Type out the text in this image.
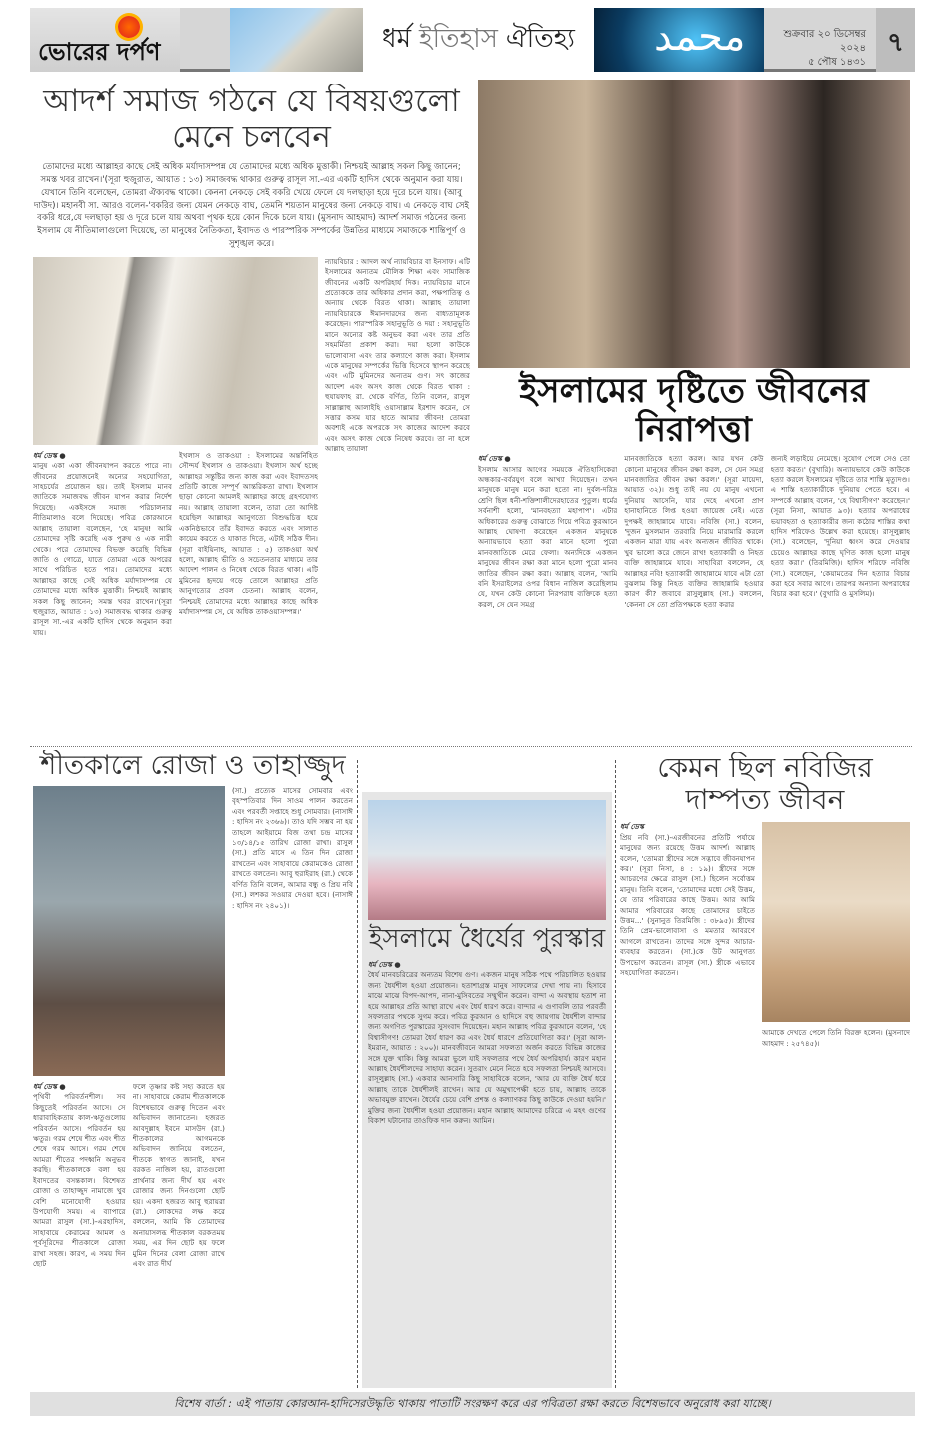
ভোরের দর্পণ	ধর্ম ইতিহাস ঐতিহ্য محمد	শুক্রবার ২০ ডিসেম্বর ২০২৪
৫ পৌষ ১৪৩১
৭
আদর্শ সমাজ গঠনে যে বিষয়গুলো মেনে চলবেন
তোমাদের মধ্যে আল্লাহর কাছে সেই অধিক মর্যাদাসম্পন্ন যে তোমাদের মধ্যে অধিক মুত্তাকী। নিশ্চয়ই আল্লাহ সকল কিছু জানেন; সমস্ত খবর রাখেন।'(সূরা হুজুরাত, আয়াত : ১৩) সমাজবদ্ধ থাকার গুরুত্ব রাসূল সা.-এর একটি হাদিস থেকে অনুমান করা যায়। যেখানে তিনি বলেছেন, তোমরা ঐক্যবদ্ধ থাকো। কেননা নেকড়ে সেই বকরি খেয়ে ফেলে যে দলছাড়া হয়ে দূরে চলে যায়। (আবু দাউদ)। মহানবী সা. আরও বলেন-'বকরির জন্য যেমন নেকড়ে বাঘ, তেমনি শয়তান মানুষের জন্য নেকড়ে বাঘ। এ নেকড়ে বাঘ সেই বকরি ধরে,যে দলছাড়া হয় ও দূরে চলে যায় অথবা পৃথক হয়ে কোন দিকে চলে যায়। (মুসনাদ আহমাদ) আদর্শ সমাজ গঠনের জন্য ইসলাম যে নীতিমালাগুলো দিয়েছে, তা মানুষের নৈতিকতা, ইবাদত ও পারস্পরিক সম্পর্কের উন্নতির মাধ্যমে সমাজকে শান্তিপূর্ণ ও সুশৃঙ্খল করে।
ধর্ম ডেস্ক ●
মানুষ একা একা জীবনযাপন করতে পারে না। জীবনের প্রয়োজনেই অন্যের সহযোগিতা, সাহচর্যের প্রয়োজন হয়। তাই ইসলাম মানব জাতিকে সমাজবদ্ধ জীবন যাপন করার নির্দেশ দিয়েছে। একইসঙ্গে সমাজ পরিচালনার নীতিমালাও বলে দিয়েছে। পবিত্র কোরআনে আল্লাহ তায়ালা বলেছেন, 'হে মানুষ! আমি তোমাদের সৃষ্টি করেছি এক পুরুষ ও এক নারী থেকে। পরে তোমাদের বিভক্ত করেছি বিভিন্ন জাতি ও গোত্রে, যাতে তোমরা একে অপরের সাথে পরিচিত হতে পার। তোমাদের মধ্যে আল্লাহর কাছে সেই অধিক মর্যাদাসম্পন্ন যে তোমাদের মধ্যে অধিক মুত্তাকী। নিশ্চয়ই আল্লাহ সকল কিছু জানেন; সমস্ত খবর রাখেন।'(সূরা হুজুরাত, আয়াত : ১৩) সমাজবদ্ধ থাকার গুরুত্ব রাসূল সা.-এর একটি হাদিস থেকে অনুমান করা যায়।
ইখলাস ও তাকওয়া : ইসলামের অন্তর্নিহিত সৌন্দর্য ইখলাস ও তাকওয়া। ইখলাস অর্থ হচ্ছে আল্লাহর সন্তুষ্টির জন্য কাজ করা এবং ইবাদতসহ প্রতিটি কাজে সম্পূর্ণ আন্তরিকতা রাখা। ইখলাস ছাড়া কোনো আমলই আল্লাহর কাছে গ্রহণযোগ্য নয়। আল্লাহ তায়ালা বলেন, তারা তো আদিষ্ট হয়েছিল আল্লাহর আনুগত্যে বিশুদ্ধচিত্ত হয়ে একনিষ্ঠভাবে তাঁর ইবাদত করতে এবং সালাত কায়েম করতে ও যাকাত দিতে, এটাই সঠিক দীন। (সূরা বাইয়িনাহ, আয়াত : ৫) তাকওয়া অর্থ হলো, আল্লাহ ভীতি ও সচেতনতার মাধ্যমে তার আদেশ পালন ও নিষেধ থেকে বিরত থাকা। এটি মুমিনের হৃদয়ে গড়ে তোলে আল্লাহর প্রতি আনুগত্যের প্রবল চেতনা। আল্লাহ বলেন, 'নিশ্চয়ই তোমাদের মধ্যে আল্লাহর কাছে অধিক মর্যাদাসম্পন্ন সে, যে অধিক তাকওয়াসম্পন্ন।'
ন্যায়বিচার : আদল অর্থ ন্যায়বিচার বা ইনসাফ। এটি ইসলামের অন্যতম মৌলিক শিক্ষা এবং সামাজিক জীবনের একটি অপরিহার্য দিক। ন্যায়বিচার মানে প্রত্যেককে তার অধিকার প্রদান করা, পক্ষপাতিত্ব ও অন্যায় থেকে বিরত থাকা। আল্লাহ তায়ালা ন্যায়বিচারকে ঈমানদারদের জন্য বাধ্যতামূলক করেছেন। পারস্পরিক সহানুভূতি ও দয়া : সহানুভূতি মানে অন্যের কষ্ট অনুভব করা এবং তার প্রতি সহমর্মিতা প্রকাশ করা। দয়া হলো কাউকে ভালোবাসা এবং তার কল্যাণে কাজ করা। ইসলাম একে মানুষের সম্পর্কের ভিত্তি হিসেবে স্থাপন করেছে এবং এটি মুমিনদের অন্যতম গুণ। সৎ কাজের আদেশ এবং অসৎ কাজ থেকে বিরত থাকা : হুযায়ফাহ রা. থেকে বর্ণিত, তিনি বলেন, রাসুল সাল্লাল্লাহু আলাইহি ওয়াসাল্লাম ইরশাদ করেন, সে সত্তার কসম যার হাতে আমার জীবন! তোমরা অবশ্যই একে অপরকে সৎ কাজের আদেশ করবে এবং অসৎ কাজ থেকে নিষেধ করবে। তা না হলে আল্লাহ তায়ালা
ইসলামের দৃষ্টিতে জীবনের নিরাপত্তা
ধর্ম ডেস্ক ●
ইসলাম আসার আগের সময়কে ঐতিহাসিকেরা অন্ধকার-বর্বরযুগ বলে আখ্যা দিয়েছেন। তখন মানুষকে মানুষ মনে করা হতো না। দুর্বল-দরিদ্র শ্রেণি ছিল ধনী-শক্তিশালীদেরহাতের পুতুল। ধর্মের সর্বনাশী হলো, 'মানবহত্যা মহাপাপ'। এটার অধিকারের গুরুত্ব বোঝাতে গিয়ে পবিত্র কুরআনে আল্লাহ ঘোষণা করেছেন একজন মানুষকে অন্যায়ভাবে হত্যা করা মানে হলো পুরো মানবজাতিকে মেরে ফেলা। অন্যদিকে একজন মানুষের জীবন রক্ষা করা মানে হলো পুরো মানব জাতির জীবন রক্ষা করা। আল্লাহ বলেন, 'আমি বনি ইসরাইলের ওপর বিধান নাজিল করেছিলাম যে, যখন কেউ কোনো নিরপরাধ ব্যক্তিকে হত্যা করল, সে যেন সমগ্র
মানবজাতিকে হত্যা করল। আর যখন কেউ কোনো মানুষের জীবন রক্ষা করল, সে যেন সমগ্র মানবজাতির জীবন রক্ষা করল।' (সূরা মায়েদা, আয়াত ৩২)। শুধু তাই নয় যে মানুষ এখনো দুনিয়ায় আসেনি, যার দেহে এখনো প্রাণ হানাহানিতে লিপ্ত হওয়া জায়েজ নেই। এতে দুপক্ষই জাহান্নামে যাবে। নবিজি (সা.) বলেন, 'দুজন মুসলমান তরবারি নিয়ে মারামারি করলে একজন মারা যায় এবং অন্যজন জীবিত থাকে। খুব ভালো করে জেনে রাখ! হত্যাকারী ও নিহত ব্যক্তি জাহান্নামে যাবে। সাহাবিরা বললেন, হে আল্লাহর নবি! হত্যাকারী জাহান্নামে যাবে এটা তো বুঝলাম কিন্তু নিহত ব্যক্তির জাহান্নামি হওয়ার কারণ কী? জবাবে রাসুলুল্লাহ (সা.) বললেন, 'কেননা সে তো প্রতিপক্ষকে হত্যা করার
জন্যই লড়াইয়ে নেমেছে। সুযোগ পেলে সেও তো হত্যা করত।' (বুখারি)। অন্যায়ভাবে কেউ কাউকে হত্যা করলে ইসলামের দৃষ্টিতে তার শাস্তি মৃত্যুদণ্ড। এ শাস্তি হত্যাকারীকে দুনিয়ায় পেতে হবে। এ সম্পর্কে আল্লাহ বলেন, 'হে বিশ্বাসীগণ' করেছেন।' (সূরা নিসা, আয়াত ৯৩)। হত্যার অপরাধের ভয়াবহতা ও হত্যাকারীর জন্য কঠোর শাস্তির কথা হাদিস শরিফেও উল্লেখ করা হয়েছে। রাসূলুল্লাহ (সা.) বলেছেন, 'দুনিয়া ধ্বংস করে দেওয়ার চেয়েও আল্লাহর কাছে ঘৃণিত কাজ হলো মানুষ হত্যা করা।' (তিরমিজি)। হাদিস শরিফে নবিজি (সা.) বলেছেন, 'কেয়ামতের দিন হত্যার বিচার করা হবে সবার আগে। তারপর অন্যান্য অপরাধের বিচার করা হবে।' (বুখারি ও মুসলিম)।
শীতকালে রোজা ও তাহাজ্জুদ
ধর্ম ডেস্ক ●
পৃথিবী পরিবর্তনশীল। সব কিছুতেই পরিবর্তন আসে। সে ধারাবাহিকতায় কাল-ঋতুগুলোয় পরিবর্তন আসে। পরিবর্তন হয় ঋতুর। গরম শেষে শীত এবং শীত শেষে গরম আসে। গরম শেষে আমরা শীতের পদধ্বনি অনুভব করছি। শীতকালকে বলা হয় ইবাদতের বসন্তকাল। বিশেষত রোজা ও তাহাজ্জুদ নামাজে খুব বেশি মনোযোগী হওয়ার উপযোগী সময়। এ ব্যাপারে আমরা রাসুল (সা.)-এরহাদিস, সাহাবায়ে কেরামের আমল ও পূর্বসূরিদের শীতকালে রোজা রাখা সহজ। কারণ, এ সময় দিন ছোট
ফলে তৃষ্ণার কষ্ট সহ্য করতে হয় না। সাহাবায়ে কেরাম শীতকালকে বিশেষভাবে গুরুত্ব দিতেন এবং অভিবাদন জানাতেন। হজরত আবদুল্লাহ ইবনে মাসউদ (রা.) শীতকালের আগমনকে অভিবাদন জানিয়ে বলতেন, শীতকে স্বাগত জানাই, যখন বরকত নাজিল হয়, রাতগুলো প্রার্থনার জন্য দীর্ঘ হয় এবং রোজার জন্য দিনগুলো ছোট হয়। একদা হজরত আবু হুরায়রা (রা.) লোকদের লক্ষ করে বললেন, আমি কি তোমাদের অনায়াসলব্ধ শীতকাল বরকতময় সময়, এর দিন ছোট হয় ফলে মুমিন দিনের বেলা রোজা রাখে এবং রাত দীর্ঘ
(সা.) প্রত্যেক মাসের সোমবার এবং বৃহস্পতিবার দিন সাওম পালন করতেন এবং পরবর্তী সপ্তাহে শুধু সোমবার। (নাসাঈ : হাদিস নং ২৩৬৬)। তাও যদি সম্ভব না হয় তাহলে আইয়ামে বিজ তথা চন্দ্র মাসের ১৩/১৪/১৫ তারিখ রোজা রাখা। রাসুল (সা.) প্রতি মাসে এ তিন দিন রোজা রাখতেন এবং সাহাবায়ে কেরামকেও রোজা রাখতে বলতেন। আবু হুরাইরাহ (রা.) থেকে বর্ণিত তিনি বলেন, আমার বন্ধু ও প্রিয় নবি (সা.) লশকর সওয়ার দেওয়া হবে। (নাসাঈ : হাদিস নং ২৪০১)।
ইসলামে ধৈর্যের পুরস্কার
ধর্ম ডেস্ক ●
ধৈর্য মানবচরিত্রের অন্যতম বিশেষ গুণ। একজন মানুষ সঠিক পথে পরিচালিত হওয়ার জন্য ধৈর্যশীল হওয়া প্রয়োজন। হতাশাগ্রস্ত মানুষ সাফল্যের দেখা পায় না। হিসাবে মাঝে মাঝে বিপদ-আপদ, নানা-মুসিবতের সম্মুখীন করেন। বান্দা এ অবস্থায় হতাশ না হয়ে আল্লাহর প্রতি আস্থা রাখে এবং ধৈর্য ধারণ করে। বান্দার এ গুণাবলি তার পরবর্তী সফলতার পথকে সুগম করে। পবিত্র কুরআন ও হাদিসে বহু জায়গায় ধৈর্যশীল বান্দার জন্য অগণিত পুরস্কারের সুসংবাদ দিয়েছেন। মহান আল্লাহ পবিত্র কুরআনে বলেন, 'হে বিশ্বাসীগণ! তোমরা ধৈর্য ধারণ কর এবং ধৈর্য ধারণে প্রতিযোগিতা কর।' (সূরা আল-ইমরান, আয়াত : ২০০)। মানবজীবনে আমরা সফলতা অর্জন করতে বিভিন্ন কাজের সঙ্গে যুক্ত থাকি। কিন্তু আমরা ভুলে যাই সফলতার পথে ধৈর্য অপরিহার্য। কারণ মহান আল্লাহ ধৈর্যশীলদের সাহায্য করেন। সুতরাং মেনে নিতে হবে সফলতা নিশ্চয়ই আসবে। রাসূলুল্লাহ (সা.) একবার আনসারি কিছু সাহাবিকে বলেন, 'আর যে ব্যক্তি ধৈর্য ধরে আল্লাহ তাকে ধৈর্যশীলই রাখেন। আর যে অমুখাপেক্ষী হতে চায়, আল্লাহ তাকে অভাবমুক্ত রাখেন। ধৈর্যের চেয়ে বেশি প্রশস্ত ও কল্যাণকর কিছু কাউকে দেওয়া হয়নি।' মুক্তির জন্য ধৈর্যশীল হওয়া প্রয়োজন। মহান আল্লাহ আমাদের চরিত্রে এ মহৎ গুণের বিকাশ ঘটানোর তাওফিক দান করুন। আমিন।
কেমন ছিল নবিজির দাম্পত্য জীবন
ধর্ম ডেস্ক
প্রিয় নবি (সা.)-এরজীবনের প্রতিটি পর্যায়ে মানুষের জন্য রয়েছে উত্তম আদর্শ। আল্লাহ বলেন, 'তোমরা স্ত্রীদের সঙ্গে সদ্ভাবে জীবনযাপন কর।' (সূরা নিসা, ৪ : ১৯)। স্ত্রীদের সঙ্গে আচরণের ক্ষেত্রে রাসুল (সা.) ছিলেন সর্বোত্তম মানুষ। তিনি বলেন, 'তোমাদের মধ্যে সেই উত্তম, যে তার পরিবারের কাছে উত্তম। আর আমি আমার পরিবারের কাছে তোমাদের চাইতে উত্তম...' (সুনানুত তিরমিজি : ৩৮৯৫)। স্ত্রীদের তিনি প্রেম-ভালোবাসা ও মমতার আবরণে আগলে রাখতেন। তাদের সঙ্গে সুন্দর আচার-ব্যবহার করতেন। (সা.)কে উট আনুগত্য উপভোগ করতেন। রাসূল (সা.) স্ত্রীকে এভাবে সহযোগিতা করতেন।
আমাকে দেখতে পেলে তিনি বিরক্ত হলেন। (মুসনাদে আহমাদ : ২৫৭৪৫)।
বিশেষ বার্তা : এই পাতায় কোরআন-হাদিসেরউদ্ধৃতি থাকায় পাতাটি সংরক্ষণ করে এর পবিত্রতা রক্ষা করতে বিশেষভাবে অনুরোধ করা যাচ্ছে।
